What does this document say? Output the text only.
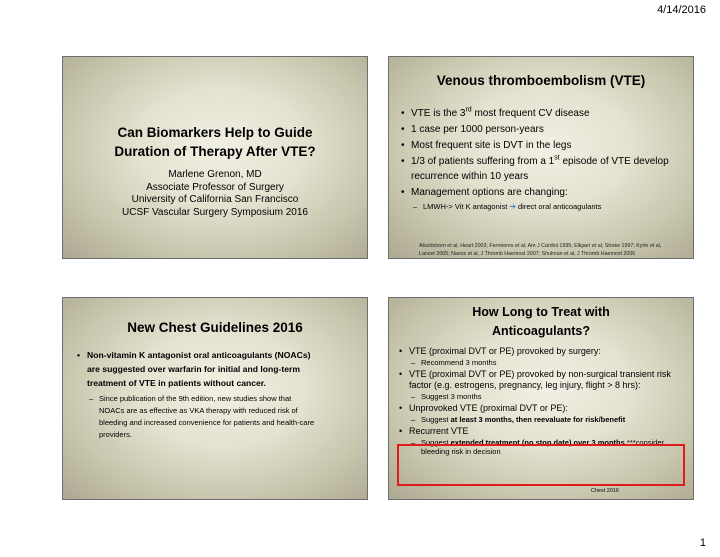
4/14/2016
Can Biomarkers Help to Guide
Duration of Therapy After VTE?
Marlene Grenon, MD
Associate Professor of Surgery
University of California San Francisco
UCSF Vascular Surgery Symposium 2016
Venous thromboembolism (VTE)
• VTE is the 3rd most frequent CV disease
• 1 case per 1000 person-years
• Most frequent site is DVT in the legs
• 1/3 of patients suffering from a 1st episode of VTE develop recurrence within 10 years
• Management options are changing:
– LMWH-> Vit K antagonist ➔ direct oral anticoagulants
Abuldstrom et al, Heart 2003; Ferreieres et al, Am J Cardiol 1995; Elkjaer et al, Stroke 1997; Kyrle et al, Lancet 2005; Naess et al, J Thromb Haemost 2007; Shulman et al, J Thromb Haemost 2006
New Chest Guidelines 2016
• Non-vitamin K antagonist oral anticoagulants (NOACs) are suggested over warfarin for initial and long-term treatment of VTE in patients without cancer.
– Since publication of the 9th edition, new studies show that NOACs are as effective as VKA therapy with reduced risk of bleeding and increased convenience for patients and health-care providers.
How Long to Treat with
Anticoagulants?
• VTE (proximal DVT or PE) provoked by surgery:
– Recommend 3 months
• VTE (proximal DVT or PE) provoked by non-surgical transient risk factor (e.g. estrogens, pregnancy, leg injury, flight > 8 hrs):
– Suggest 3 months
• Unprovoked VTE (proximal DVT or PE):
– Suggest at least 3 months, then reevaluate for risk/benefit
• Recurrent VTE
– Suggest extended treatment (no stop date) over 3 months ***consider bleeding risk in decision
Chest 2016
1
